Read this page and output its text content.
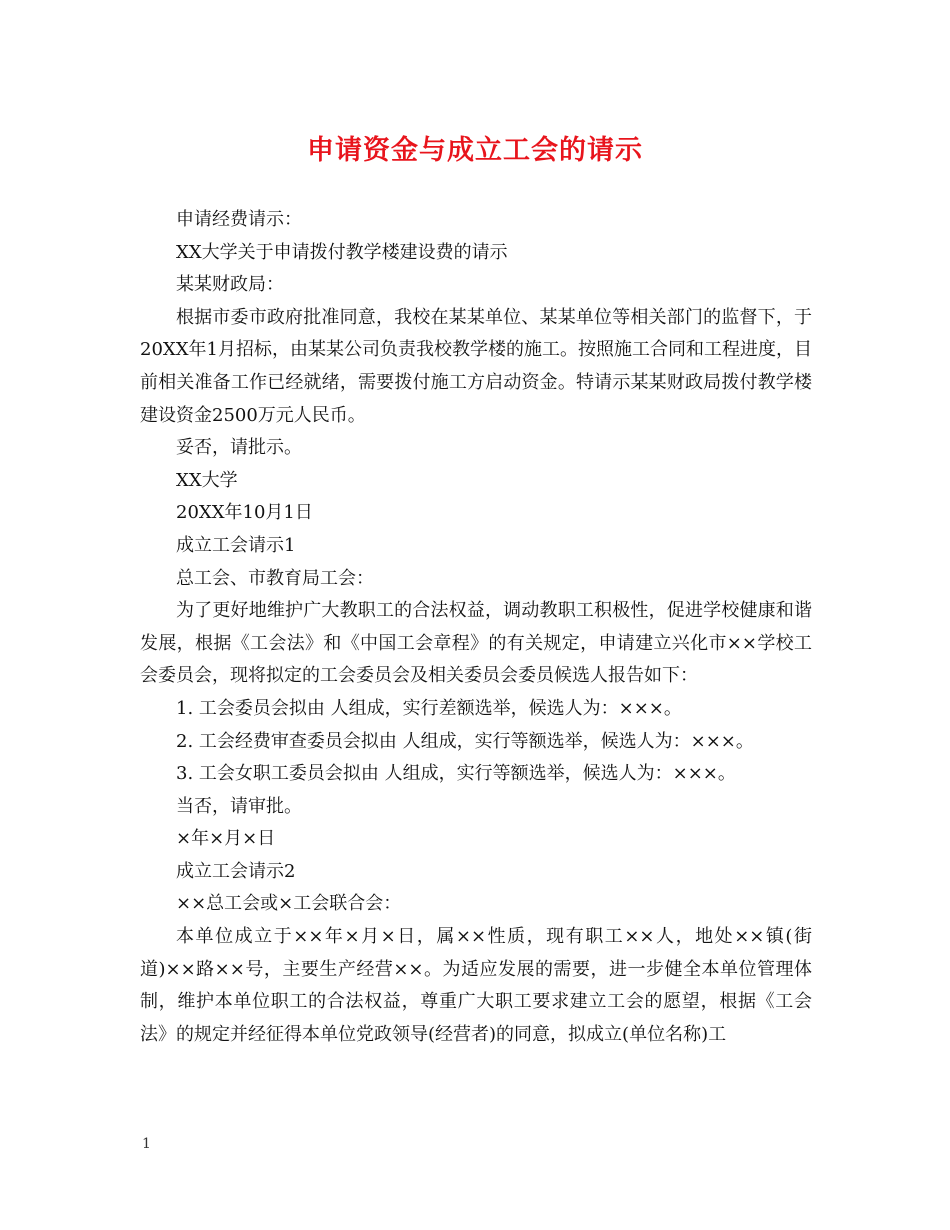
申请资金与成立工会的请示

申请经费请示：

XX大学关于申请拨付教学楼建设费的请示

某某财政局：

根据市委市政府批准同意，我校在某某单位、某某单位等相关部门的监督下，于20XX年1月招标，由某某公司负责我校教学楼的施工。按照施工合同和工程进度，目前相关准备工作已经就绪，需要拨付施工方启动资金。特请示某某财政局拨付教学楼建设资金2500万元人民币。

妥否，请批示。

XX大学

20XX年10月1日

成立工会请示1

总工会、市教育局工会：

为了更好地维护广大教职工的合法权益，调动教职工积极性，促进学校健康和谐发展，根据《工会法》和《中国工会章程》的有关规定，申请建立兴化市××学校工会委员会，现将拟定的工会委员会及相关委员会委员候选人报告如下：

1. 工会委员会拟由 人组成，实行差额选举，候选人为：×××。

2. 工会经费审查委员会拟由 人组成，实行等额选举，候选人为：×××。

3. 工会女职工委员会拟由 人组成，实行等额选举，候选人为：×××。

当否，请审批。

×年×月×日

成立工会请示2

××总工会或×工会联合会：

本单位成立于××年×月×日，属××性质，现有职工××人，地处××镇(街道)××路××号，主要生产经营××。为适应发展的需要，进一步健全本单位管理体制，维护本单位职工的合法权益，尊重广大职工要求建立工会的愿望，根据《工会法》的规定并经征得本单位党政领导(经营者)的同意，拟成立(单位名称)工

1
